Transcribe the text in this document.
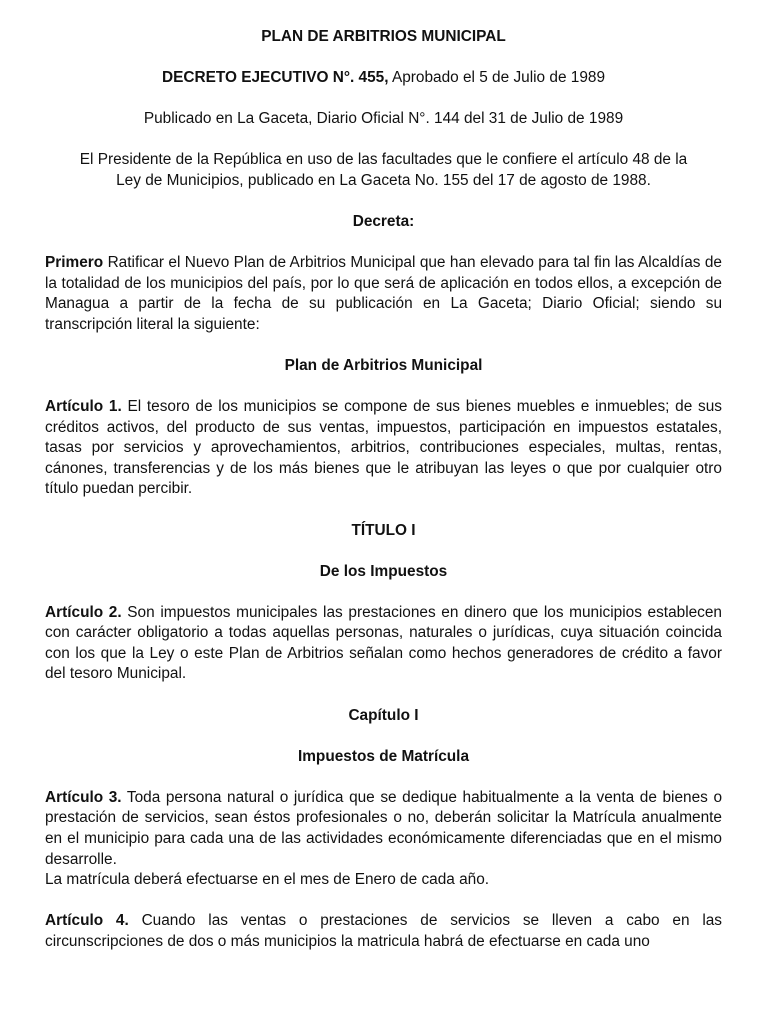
PLAN DE ARBITRIOS MUNICIPAL

DECRETO EJECUTIVO N°. 455, Aprobado el 5 de Julio de 1989

Publicado en La Gaceta, Diario Oficial N°. 144 del 31 de Julio de 1989

El Presidente de la República en uso de las facultades que le confiere el artículo 48 de la
Ley de Municipios, publicado en La Gaceta No. 155 del 17 de agosto de 1988.

Decreta:

Primero Ratificar el Nuevo Plan de Arbitrios Municipal que han elevado para tal fin las Alcaldías de la totalidad de los municipios del país, por lo que será de aplicación en todos ellos, a excepción de Managua a partir de la fecha de su publicación en La Gaceta; Diario Oficial; siendo su transcripción literal la siguiente:

Plan de Arbitrios Municipal

Artículo 1. El tesoro de los municipios se compone de sus bienes muebles e inmuebles; de sus créditos activos, del producto de sus ventas, impuestos, participación en impuestos estatales, tasas por servicios y aprovechamientos, arbitrios, contribuciones especiales, multas, rentas, cánones, transferencias y de los más bienes que le atribuyan las leyes o que por cualquier otro título puedan percibir.

TÍTULO I

De los Impuestos

Artículo 2. Son impuestos municipales las prestaciones en dinero que los municipios establecen con carácter obligatorio a todas aquellas personas, naturales o jurídicas, cuya situación coincida con los que la Ley o este Plan de Arbitrios señalan como hechos generadores de crédito a favor del tesoro Municipal.

Capítulo I

Impuestos de Matrícula

Artículo 3. Toda persona natural o jurídica que se dedique habitualmente a la venta de bienes o prestación de servicios, sean éstos profesionales o no, deberán solicitar la Matrícula anualmente en el municipio para cada una de las actividades económicamente diferenciadas que en el mismo desarrolle.

La matrícula deberá efectuarse en el mes de Enero de cada año.

Artículo 4. Cuando las ventas o prestaciones de servicios se lleven a cabo en las circunscripciones de dos o más municipios la matricula habrá de efectuarse en cada uno
